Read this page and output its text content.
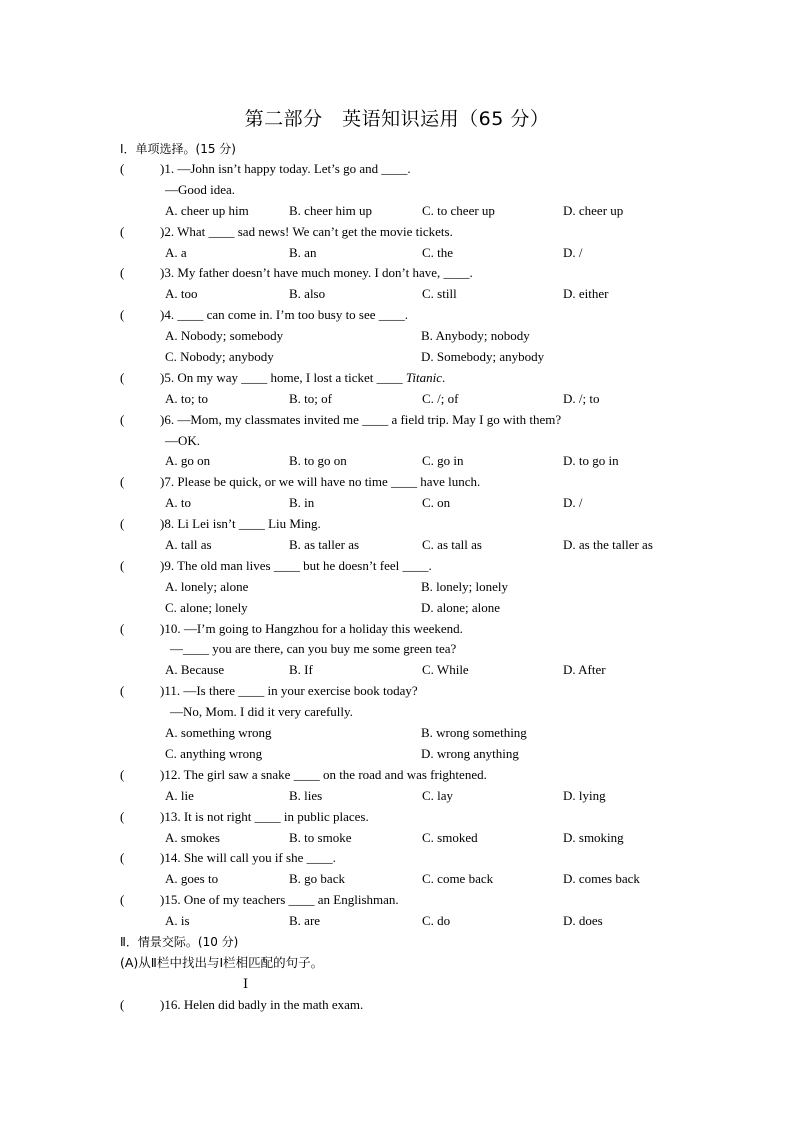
第二部分　英语知识运用（65 分）
Ⅰ．单项选择。(15 分)
(	)1. —John isn’t happy today. Let’s go and ____.
—Good idea.
A. cheer up him	B. cheer him up	C. to cheer up	D. cheer up
(	)2. What ____ sad news! We can’t get the movie tickets.
A. a	B. an	C. the	D. /
(	)3. My father doesn’t have much money. I don’t have, ____.
A. too	B. also	C. still	D. either
(	)4. ____ can come in. I’m too busy to see ____.
A. Nobody; somebody	B. Anybody; nobody
C. Nobody; anybody	D. Somebody; anybody
(	)5. On my way ____ home, I lost a ticket ____ Titanic.
A. to; to	B. to; of	C. /; of	D. /; to
(	)6. —Mom, my classmates invited me ____ a field trip. May I go with them?
—OK.
A. go on	B. to go on	C. go in	D. to go in
(	)7. Please be quick, or we will have no time ____ have lunch.
A. to	B. in	C. on	D. /
(	)8. Li Lei isn’t ____ Liu Ming.
A. tall as	B. as taller as	C. as tall as	D. as the taller as
(	)9. The old man lives ____ but he doesn’t feel ____.
A. lonely; alone	B. lonely; lonely
C. alone; lonely	D. alone; alone
(	)10. —I’m going to Hangzhou for a holiday this weekend.
—____ you are there, can you buy me some green tea?
A. Because	B. If	C. While	D. After
(	)11. —Is there ____ in your exercise book today?
—No, Mom. I did it very carefully.
A. something wrong	B. wrong something
C. anything wrong	D. wrong anything
(	)12. The girl saw a snake ____ on the road and was frightened.
A. lie	B. lies	C. lay	D. lying
(	)13. It is not right ____ in public places.
A. smokes	B. to smoke	C. smoked	D. smoking
(	)14. She will call you if she ____.
A. goes to	B. go back	C. come back	D. comes back
(	)15. One of my teachers ____ an Englishman.
A. is	B. are	C. do	D. does
Ⅱ．情景交际。(10 分)
(A)从Ⅱ栏中找出与Ⅰ栏相匹配的句子。
Ⅰ
(	)16. Helen did badly in the math exam.
